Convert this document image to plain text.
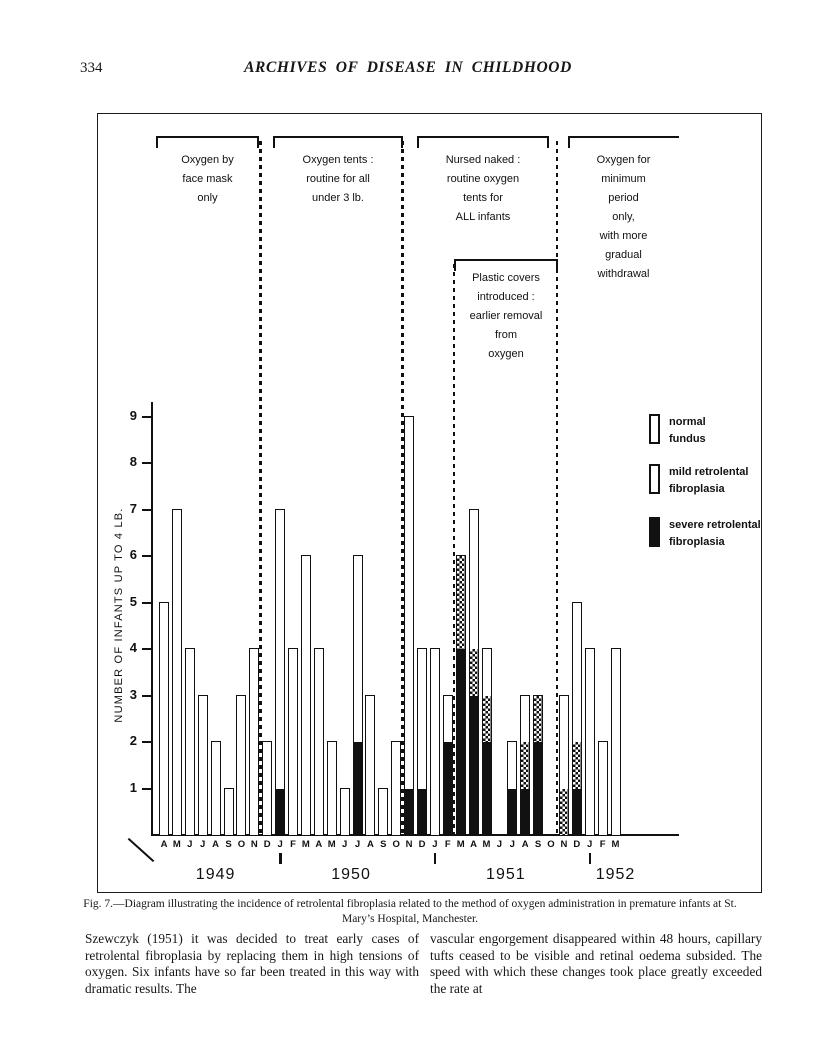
334	ARCHIVES OF DISEASE IN CHILDHOOD
Oxygen by
face mask
only
Oxygen tents :
routine for all
under 3 lb.
Nursed naked :
routine oxygen
tents for
ALL infants
Oxygen for
minimum
period
only,
with more
gradual
withdrawal
Plastic covers
introduced :
earlier removal
from
oxygen
NUMBER OF INFANTS UP TO 4 LB.
normal
fundus
mild retrolental
fibroplasia
severe retrolental
fibroplasia
1
2
3
4
5
6
7
8
9
A M J J A S O N D J F M A M J J A S O N D J F M A M J J A S O N D J F M
1949	1950	1951	1952
Fig. 7.—Diagram illustrating the incidence of retrolental fibroplasia related to the method of oxygen administration in premature infants at St. Mary’s Hospital, Manchester.
Szewczyk (1951) it was decided to treat early cases of retrolental fibroplasia by replacing them in high tensions of oxygen. Six infants have so far been treated in this way with dramatic results. The
vascular engorgement disappeared within 48 hours, capillary tufts ceased to be visible and retinal oedema subsided. The speed with which these changes took place greatly exceeded the rate at
